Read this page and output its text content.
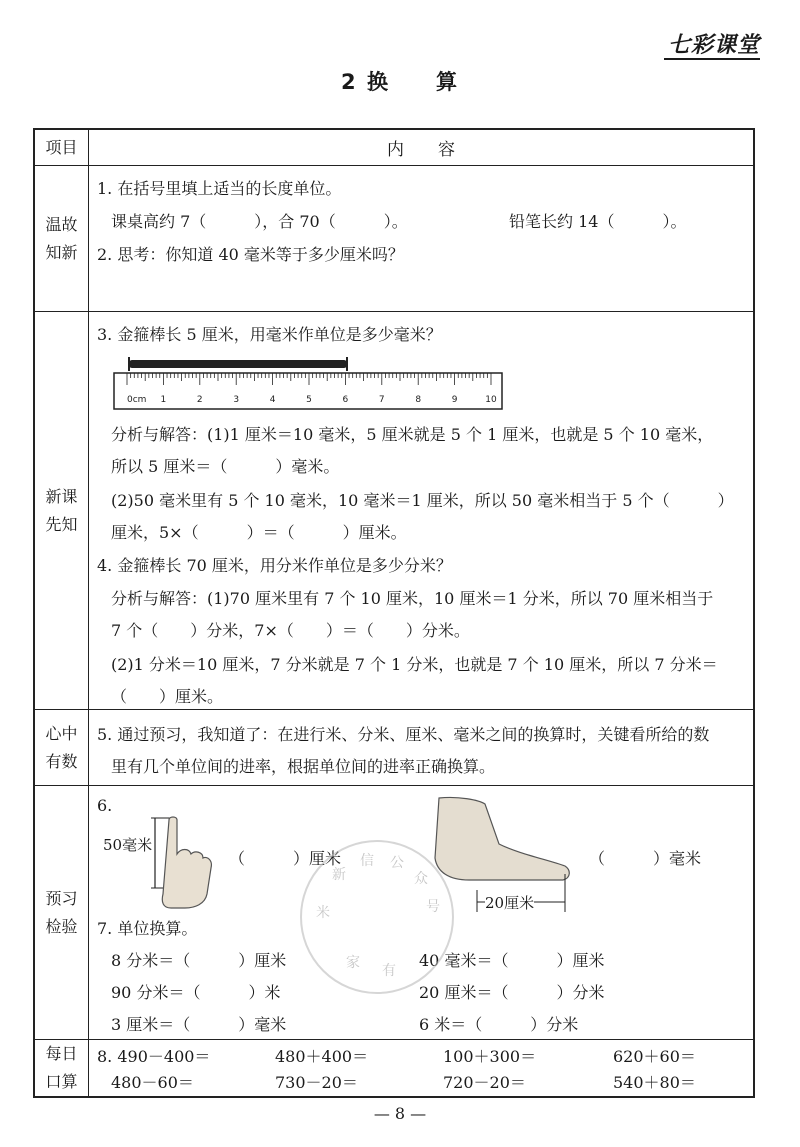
七彩课堂
2 换　　算
项目	内　　容
温故知新
1. 在括号里填上适当的长度单位。
课桌高约 7（　　　），合 70（　　　）。	铅笔长约 14（　　　）。
2. 思考：你知道 40 毫米等于多少厘米吗？
新课先知
3. 金箍棒长 5 厘米，用毫米作单位是多少毫米？
0cm 1	2	3	4	5	6	7	8	9	10
分析与解答：(1)1 厘米＝10 毫米，5 厘米就是 5 个 1 厘米，也就是 5 个 10 毫米，
所以 5 厘米＝（　　　）毫米。
(2)50 毫米里有 5 个 10 毫米，10 毫米＝1 厘米，所以 50 毫米相当于 5 个（　　　）
厘米，5×（　　　）＝（　　　）厘米。
4. 金箍棒长 70 厘米，用分米作单位是多少分米？
分析与解答：(1)70 厘米里有 7 个 10 厘米，10 厘米＝1 分米，所以 70 厘米相当于
7 个（　　）分米，7×（　　）＝（　　）分米。
(2)1 分米＝10 厘米，7 分米就是 7 个 1 分米，也就是 7 个 10 厘米，所以 7 分米＝
（　　）厘米。
心中有数
5. 通过预习，我知道了：在进行米、分米、厘米、毫米之间的换算时，关键看所给的数
里有几个单位间的进率，根据单位间的进率正确换算。
预习检验
6.
50毫米
（　　　）厘米
20厘米
（　　　）毫米
7. 单位换算。
8 分米＝（　　　）厘米	40 毫米＝（　　　）厘米
90 分米＝（　　　）米	20 厘米＝（　　　）分米
3 厘米＝（　　　）毫米	6 米＝（　　　）分米
每日口算
8. 490－400＝	480＋400＝	100＋300＝	620＋60＝
480－60＝	730－20＝	720－20＝	540＋80＝
新
信 公
众
号
米
家 有
— 8 —
